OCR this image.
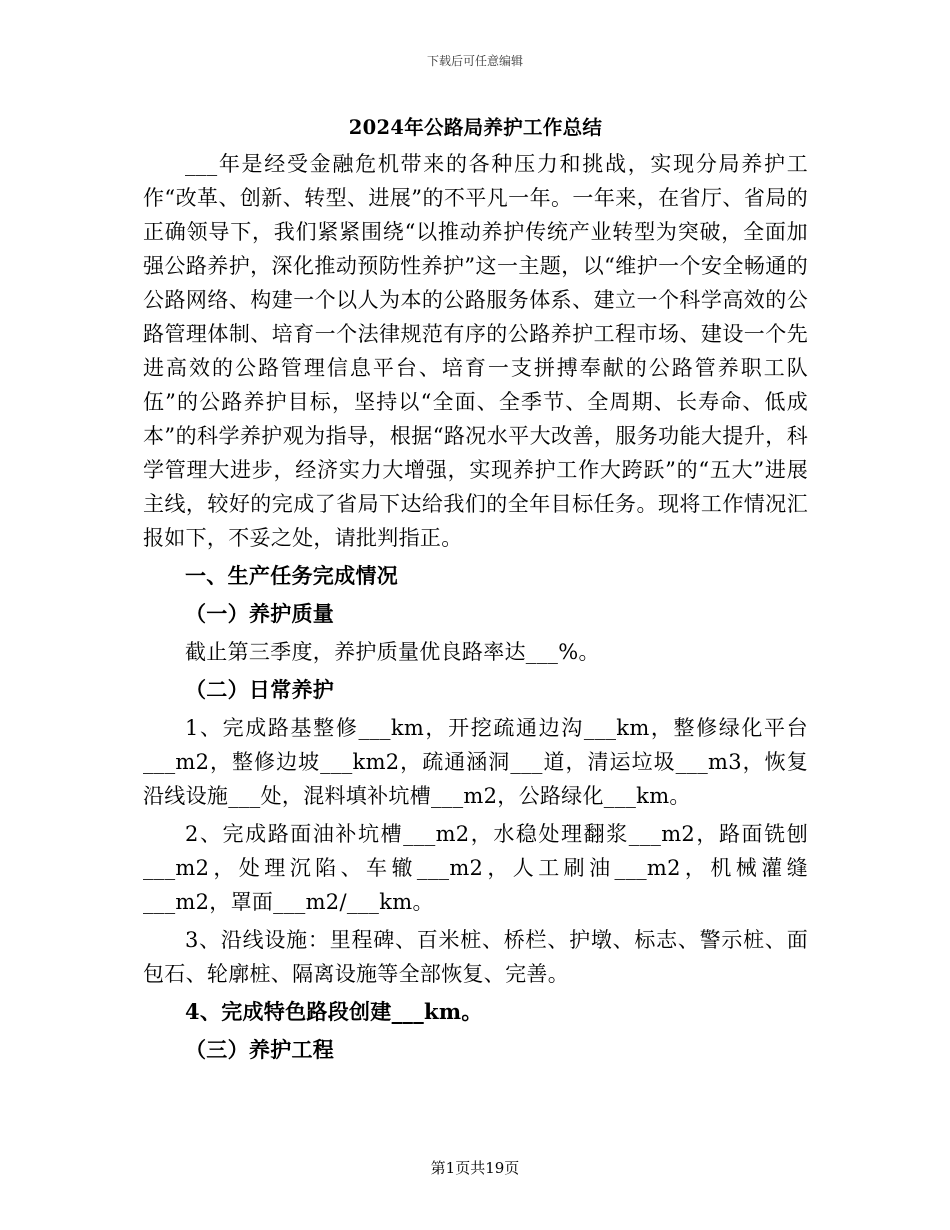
下载后可任意编辑
2024年公路局养护工作总结

___年是经受金融危机带来的各种压力和挑战，实现分局养护工作“改革、创新、转型、进展”的不平凡一年。一年来，在省厅、省局的正确领导下，我们紧紧围绕“以推动养护传统产业转型为突破，全面加强公路养护，深化推动预防性养护”这一主题，以“维护一个安全畅通的公路网络、构建一个以人为本的公路服务体系、建立一个科学高效的公路管理体制、培育一个法律规范有序的公路养护工程市场、建设一个先进高效的公路管理信息平台、培育一支拼搏奉献的公路管养职工队伍”的公路养护目标，坚持以“全面、全季节、全周期、长寿命、低成本”的科学养护观为指导，根据“路况水平大改善，服务功能大提升，科学管理大进步，经济实力大增强，实现养护工作大跨跃”的“五大”进展主线，较好的完成了省局下达给我们的全年目标任务。现将工作情况汇报如下，不妥之处，请批判指正。

一、生产任务完成情况

（一）养护质量

截止第三季度，养护质量优良路率达___%。

（二）日常养护

1、完成路基整修___km，开挖疏通边沟___km，整修绿化平台___m2，整修边坡___km2，疏通涵洞___道，清运垃圾___m3，恢复沿线设施___处，混料填补坑槽___m2，公路绿化___km。

2、完成路面油补坑槽___m2，水稳处理翻浆___m2，路面铣刨___m2，处理沉陷、车辙___m2，人工刷油___m2，机械灌缝___m2，罩面___m2/___km。

3、沿线设施：里程碑、百米桩、桥栏、护墩、标志、警示桩、面包石、轮廓桩、隔离设施等全部恢复、完善。

4、完成特色路段创建___km。

（三）养护工程

第1页共19页
